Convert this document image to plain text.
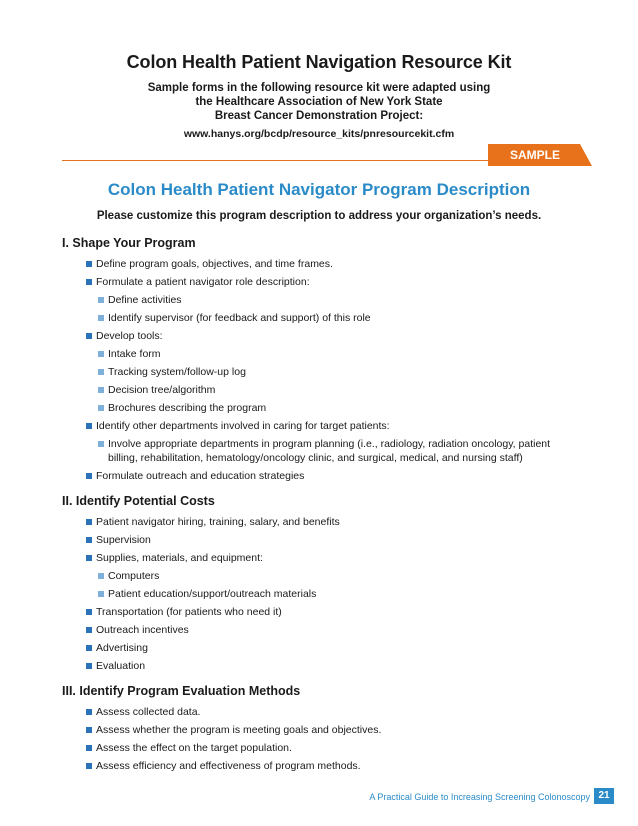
Colon Health Patient Navigation Resource Kit
Sample forms in the following resource kit were adapted using
the Healthcare Association of New York State
Breast Cancer Demonstration Project:
www.hanys.org/bcdp/resource_kits/pnresourcekit.cfm
SAMPLE
Colon Health Patient Navigator Program Description
Please customize this program description to address your organization’s needs.
I. Shape Your Program
Define program goals, objectives, and time frames.
Formulate a patient navigator role description:
Define activities
Identify supervisor (for feedback and support) of this role
Develop tools:
Intake form
Tracking system/follow-up log
Decision tree/algorithm
Brochures describing the program
Identify other departments involved in caring for target patients:
Involve appropriate departments in program planning (i.e., radiology, radiation oncology, patient
billing, rehabilitation, hematology/oncology clinic, and surgical, medical, and nursing staff)
Formulate outreach and education strategies
II. Identify Potential Costs
Patient navigator hiring, training, salary, and benefits
Supervision
Supplies, materials, and equipment:
Computers
Patient education/support/outreach materials
Transportation (for patients who need it)
Outreach incentives
Advertising
Evaluation
III. Identify Program Evaluation Methods
Assess collected data.
Assess whether the program is meeting goals and objectives.
Assess the effect on the target population.
Assess efficiency and effectiveness of program methods.
A Practical Guide to Increasing Screening Colonoscopy 21
